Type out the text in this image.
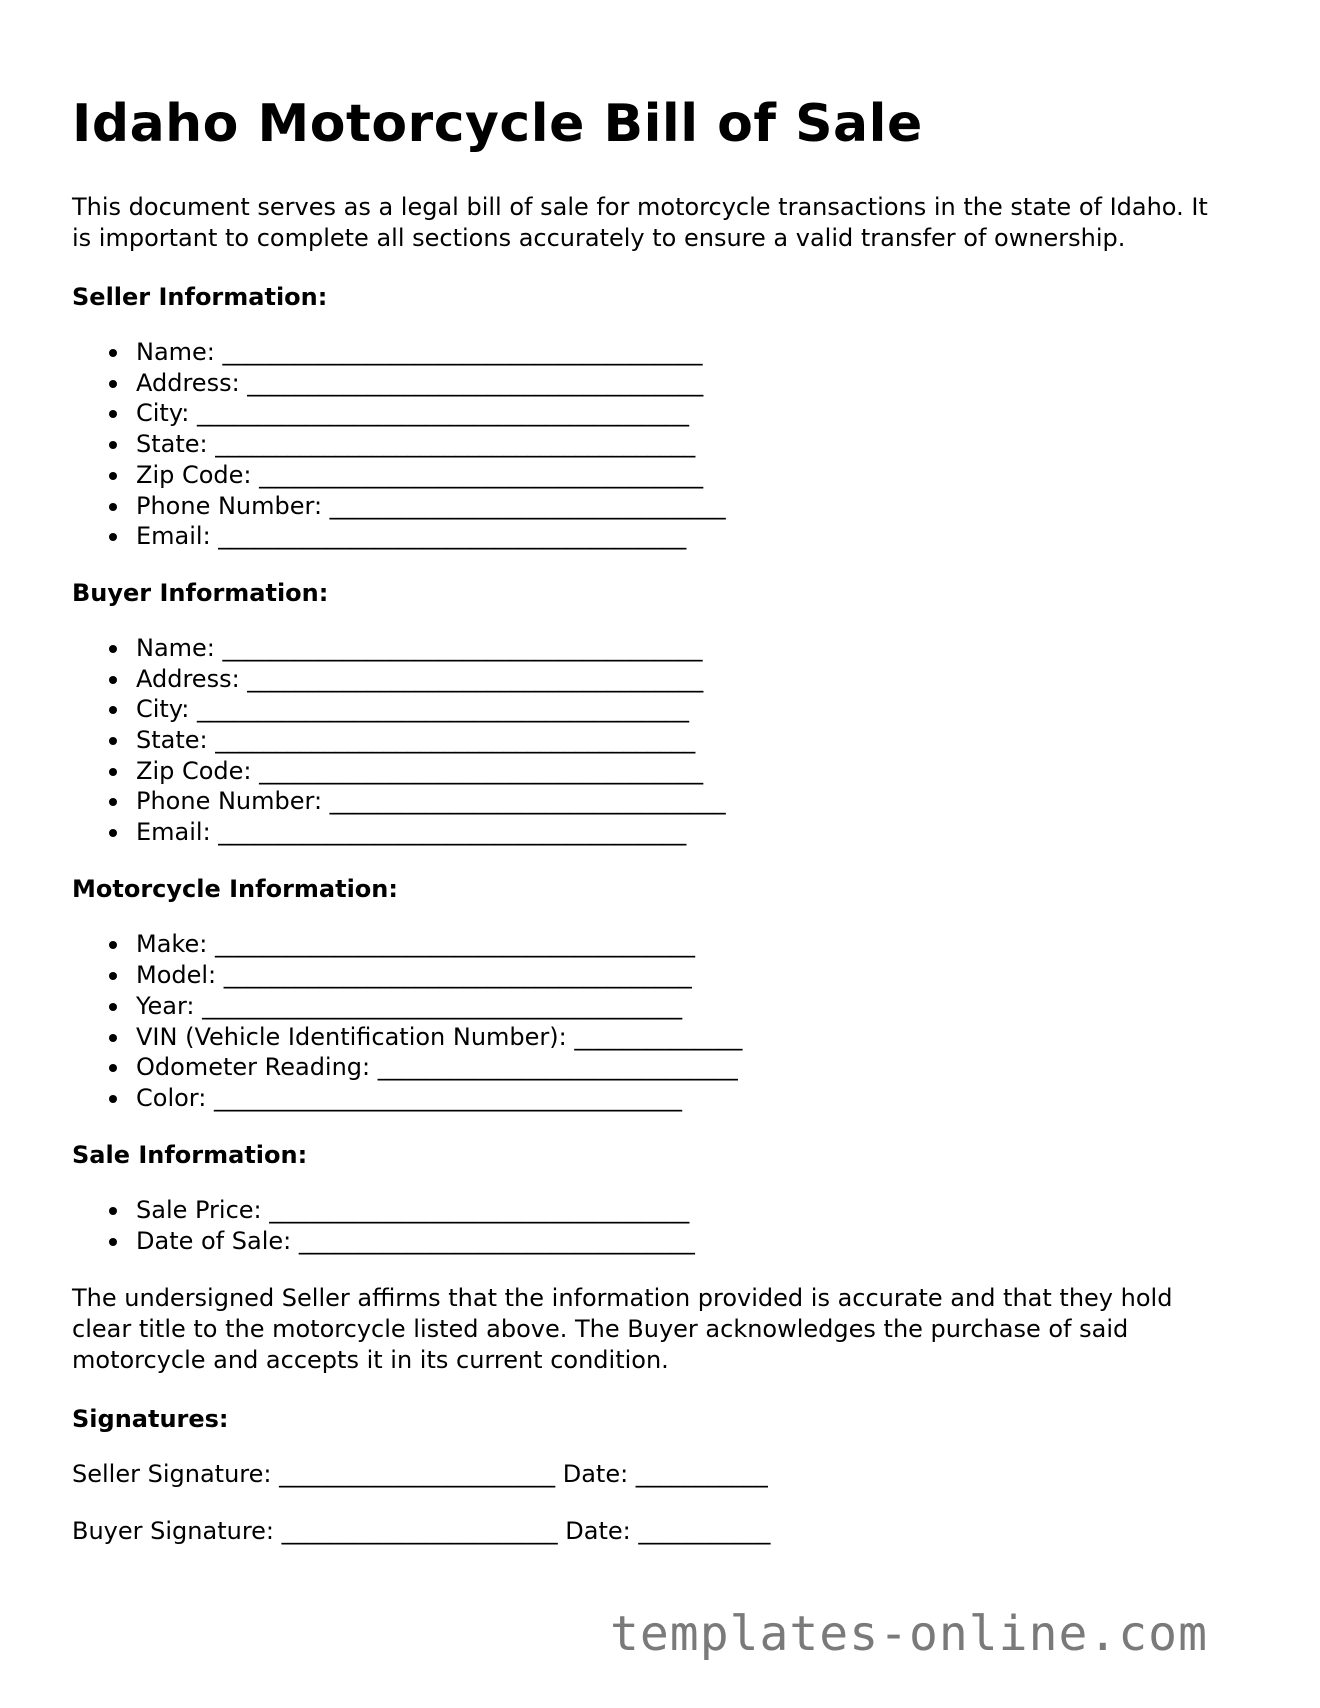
Idaho Motorcycle Bill of Sale

This document serves as a legal bill of sale for motorcycle transactions in the state of Idaho. It is important to complete all sections accurately to ensure a valid transfer of ownership.

Seller Information:
Name: ________________________________________
Address: ______________________________________
City: _________________________________________
State: ________________________________________
Zip Code: _____________________________________
Phone Number: _________________________________
Email: _______________________________________
Buyer Information:
Name: ________________________________________
Address: ______________________________________
City: _________________________________________
State: ________________________________________
Zip Code: _____________________________________
Phone Number: _________________________________
Email: _______________________________________
Motorcycle Information:
Make: ________________________________________
Model: _______________________________________
Year: ________________________________________
VIN (Vehicle Identification Number): ______________
Odometer Reading: ______________________________
Color: _______________________________________
Sale Information:
Sale Price: ___________________________________
Date of Sale: _________________________________

The undersigned Seller affirms that the information provided is accurate and that they hold clear title to the motorcycle listed above. The Buyer acknowledges the purchase of said motorcycle and accepts it in its current condition.

Signatures:
Seller Signature: _______________________ Date: ___________
Buyer Signature: _______________________ Date: ___________
templates-online.com
